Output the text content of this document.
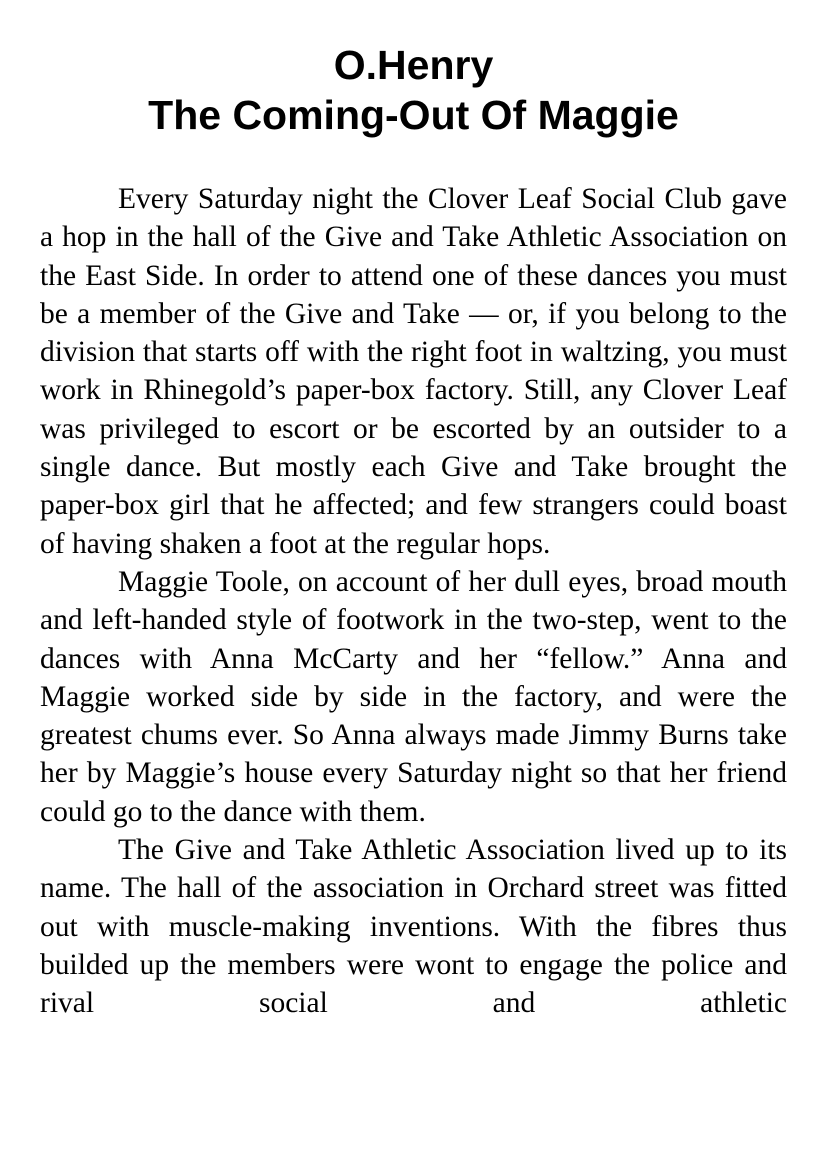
O.Henry
The Coming-Out Of Maggie

Every Saturday night the Clover Leaf Social Club gave a hop in the hall of the Give and Take Athletic Association on the East Side. In order to attend one of these dances you must be a member of the Give and Take — or, if you belong to the division that starts off with the right foot in waltzing, you must work in Rhinegold’s paper-box factory. Still, any Clover Leaf was privileged to escort or be escorted by an outsider to a single dance. But mostly each Give and Take brought the paper-box girl that he affected; and few strangers could boast of having shaken a foot at the regular hops.

Maggie Toole, on account of her dull eyes, broad mouth and left-handed style of footwork in the two-step, went to the dances with Anna McCarty and her “fellow.” Anna and Maggie worked side by side in the factory, and were the greatest chums ever. So Anna always made Jimmy Burns take her by Maggie’s house every Saturday night so that her friend could go to the dance with them.

The Give and Take Athletic Association lived up to its name. The hall of the association in Orchard street was fitted out with muscle-making inventions. With the fibres thus builded up the members were wont to engage the police and rival social and athletic
